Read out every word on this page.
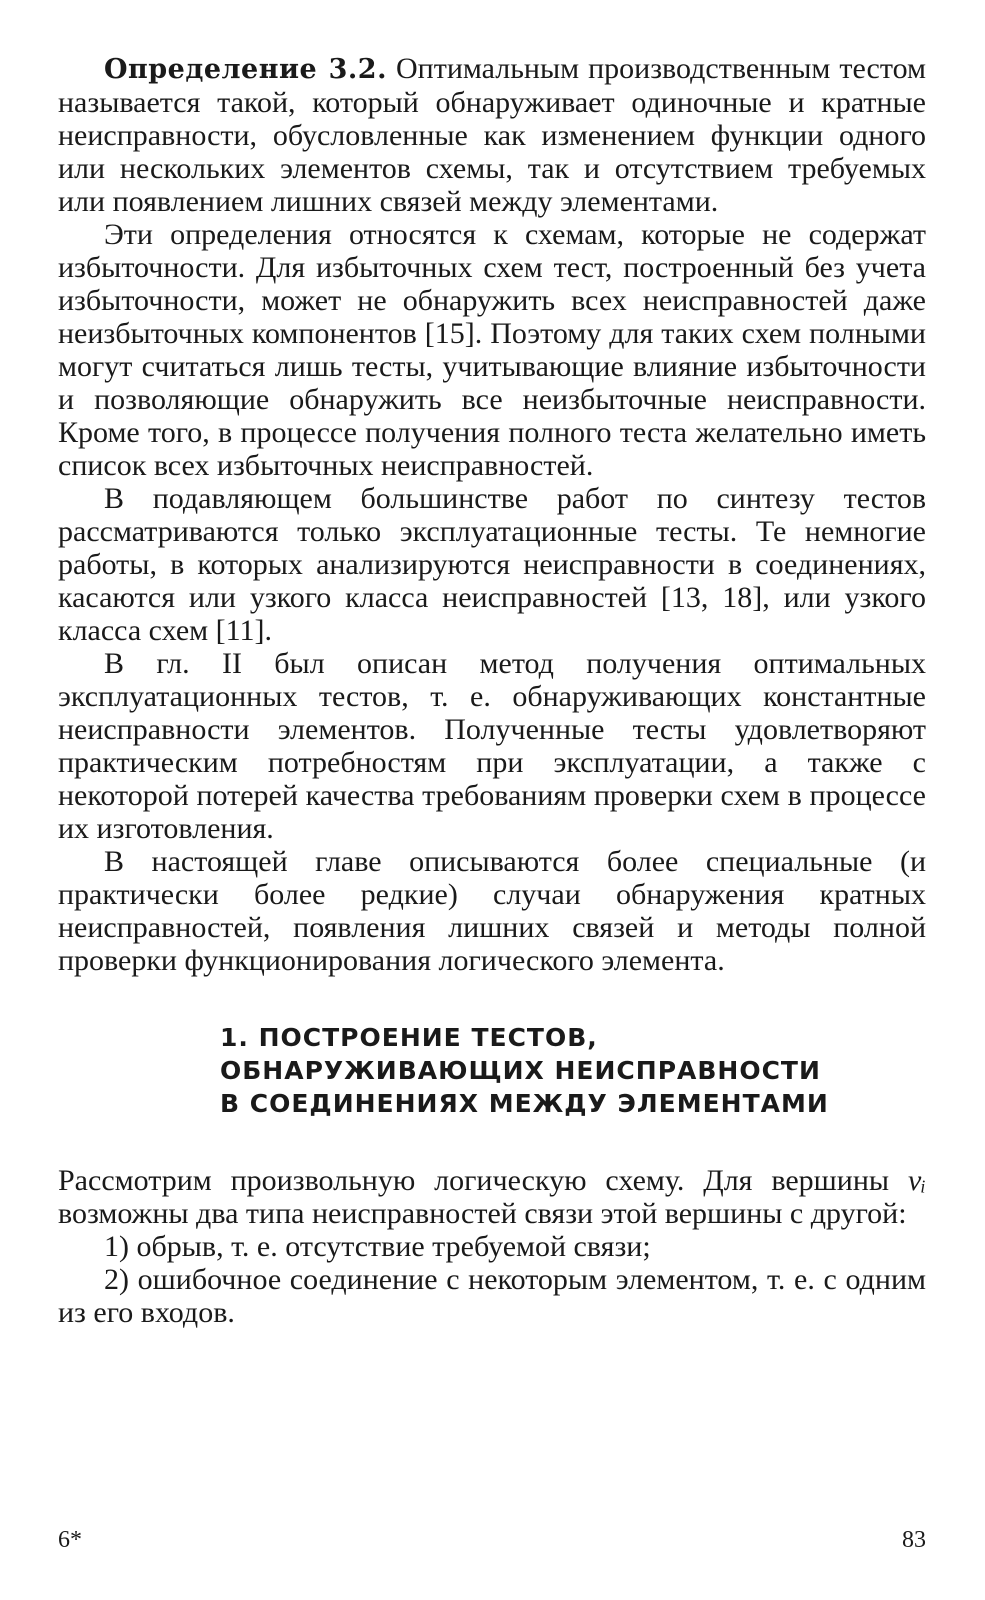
Определение 3.2. Оптимальным производственным тестом называется такой, который обнаруживает одиночные и кратные неисправности, обусловленные как изменением функции одного или нескольких элементов схемы, так и отсутствием требуемых или появлением лишних связей между элементами.

Эти определения относятся к схемам, которые не содержат избыточности. Для избыточных схем тест, построенный без учета избыточности, может не обнаружить всех неисправностей даже неизбыточных компонентов [15]. Поэтому для таких схем полными могут считаться лишь тесты, учитывающие влияние избыточности и позволяющие обнаружить все неизбыточные неисправности. Кроме того, в процессе получения полного теста желательно иметь список всех избыточных неисправностей.

В подавляющем большинстве работ по синтезу тестов рассматриваются только эксплуатационные тесты. Те немногие работы, в которых анализируются неисправности в соединениях, касаются или узкого класса неисправностей [13, 18], или узкого класса схем [11].

В гл. II был описан метод получения оптимальных эксплуатационных тестов, т. е. обнаруживающих константные неисправности элементов. Полученные тесты удовлетворяют практическим потребностям при эксплуатации, а также с некоторой потерей качества требованиям проверки схем в процессе их изготовления.

В настоящей главе описываются более специальные (и практически более редкие) случаи обнаружения кратных неисправностей, появления лишних связей и методы полной проверки функционирования логического элемента.

1. ПОСТРОЕНИЕ ТЕСТОВ,
ОБНАРУЖИВАЮЩИХ НЕИСПРАВНОСТИ
В СОЕДИНЕНИЯХ МЕЖДУ ЭЛЕМЕНТАМИ

Рассмотрим произвольную логическую схему. Для вершины vᵢ возможны два типа неисправностей связи этой вершины с другой:

1) обрыв, т. е. отсутствие требуемой связи;

2) ошибочное соединение с некоторым элементом, т. е. с одним из его входов.

6*	83
